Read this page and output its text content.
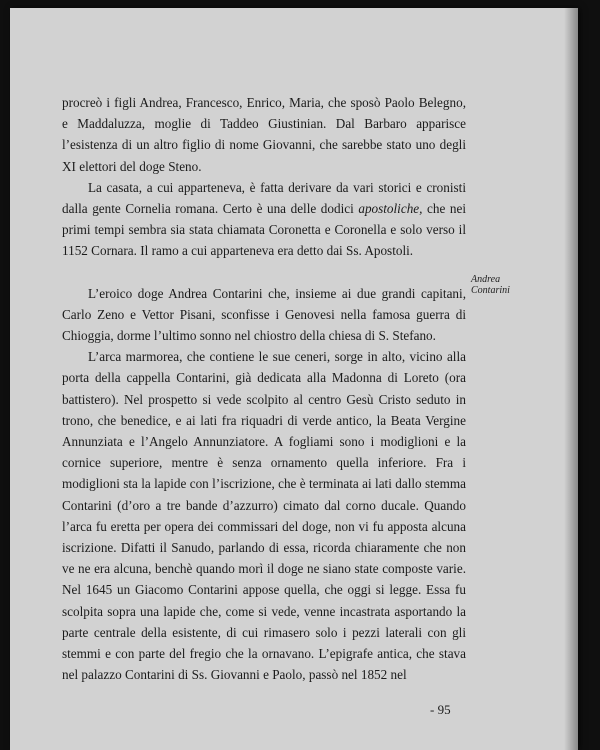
procreò i figli Andrea, Francesco, Enrico, Maria, che sposò Paolo Belegno, e Maddaluzza, moglie di Taddeo Giustinian. Dal Barbaro apparisce l’esistenza di un altro figlio di nome Giovanni, che sarebbe stato uno degli XI elettori del doge Steno.

La casata, a cui apparteneva, è fatta derivare da vari storici e cronisti dalla gente Cornelia romana. Certo è una delle dodici apostoliche, che nei primi tempi sembra sia stata chiamata Coronetta e Coronella e solo verso il 1152 Cornara. Il ramo a cui apparteneva era detto dai Ss. Apostoli.

L’eroico doge Andrea Contarini che, insieme ai due grandi capitani, Carlo Zeno e Vettor Pisani, sconfisse i Genovesi nella famosa guerra di Chioggia, dorme l’ultimo sonno nel chiostro della chiesa di S. Stefano.

L’arca marmorea, che contiene le sue ceneri, sorge in alto, vicino alla porta della cappella Contarini, già dedicata alla Madonna di Loreto (ora battistero). Nel prospetto si vede scolpito al centro Gesù Cristo seduto in trono, che benedice, e ai lati fra riquadri di verde antico, la Beata Vergine Annunziata e l’Angelo Annunziatore. A fogliami sono i modiglioni e la cornice superiore, mentre è senza ornamento quella inferiore. Fra i modiglioni sta la lapide con l’iscrizione, che è terminata ai lati dallo stemma Contarini (d’oro a tre bande d’azzurro) cimato dal corno ducale. Quando l’arca fu eretta per opera dei commissari del doge, non vi fu apposta alcuna iscrizione. Difatti il Sanudo, parlando di essa, ricorda chiaramente che non ve ne era alcuna, benchè quando morì il doge ne siano state composte varie. Nel 1645 un Giacomo Contarini appose quella, che oggi si legge. Essa fu scolpita sopra una lapide che, come si vede, venne incastrata asportando la parte centrale della esistente, di cui rimasero solo i pezzi laterali con gli stemmi e con parte del fregio che la ornavano. L’epigrafe antica, che stava nel palazzo Contarini di Ss. Giovanni e Paolo, passò nel 1852 nel

Andrea
Contarini
- 95
